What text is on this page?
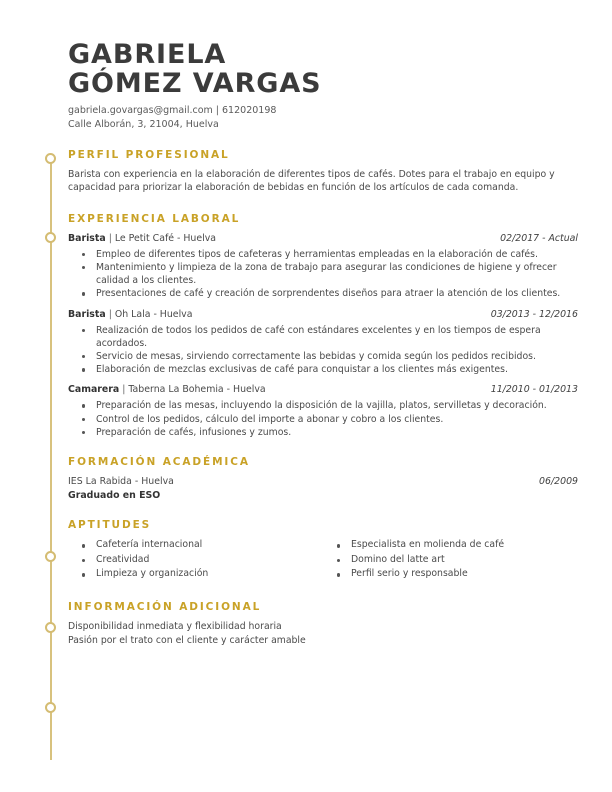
GABRIELA
GÓMEZ VARGAS
gabriela.govargas@gmail.com | 612020198
Calle Alborán, 3, 21004, Huelva
PERFIL PROFESIONAL

Barista con experiencia en la elaboración de diferentes tipos de cafés. Dotes para el trabajo en equipo y capacidad para priorizar la elaboración de bebidas en función de los artículos de cada comanda.

EXPERIENCIA LABORAL
Barista | Le Petit Café - Huelva	02/2017 - Actual
Empleo de diferentes tipos de cafeteras y herramientas empleadas en la elaboración de cafés.
Mantenimiento y limpieza de la zona de trabajo para asegurar las condiciones de higiene y ofrecer calidad a los clientes.
Presentaciones de café y creación de sorprendentes diseños para atraer la atención de los clientes.
Barista | Oh Lala - Huelva	03/2013 - 12/2016
Realización de todos los pedidos de café con estándares excelentes y en los tiempos de espera acordados.
Servicio de mesas, sirviendo correctamente las bebidas y comida según los pedidos recibidos.
Elaboración de mezclas exclusivas de café para conquistar a los clientes más exigentes.
Camarera | Taberna La Bohemia - Huelva	11/2010 - 01/2013
Preparación de las mesas, incluyendo la disposición de la vajilla, platos, servilletas y decoración.
Control de los pedidos, cálculo del importe a abonar y cobro a los clientes.
Preparación de cafés, infusiones y zumos.
FORMACIÓN ACADÉMICA
IES La Rabida - Huelva	06/2009
Graduado en ESO
APTITUDES
Cafetería internacional
Creatividad
Limpieza y organización
Especialista en molienda de café
Domino del latte art
Perfil serio y responsable
INFORMACIÓN ADICIONAL
Disponibilidad inmediata y flexibilidad horaria
Pasión por el trato con el cliente y carácter amable
